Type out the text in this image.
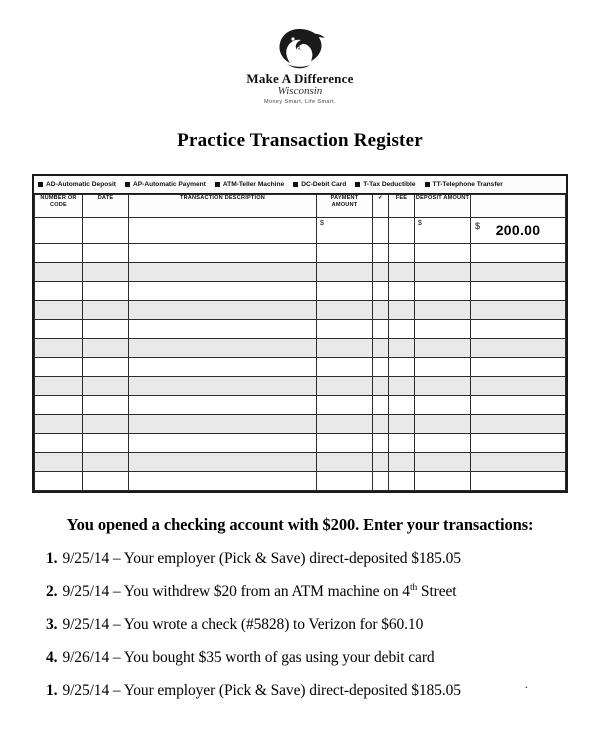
$
Make A Difference
Wisconsin
Money Smart, Life Smart.
Practice Transaction Register
AD-Automatic Deposit	AP-Automatic Payment	ATM-Teller Machine	DC-Debit Card	T-Tax Deductible	TT-Telephone Transfer
NUMBER OR CODE	DATE	TRANSACTION DESCRIPTION	PAYMENT AMOUNT	✓	FEE	DEPOSIT AMOUNT	

			$			$	$ 200.00

You opened a checking account with $200. Enter your transactions:
1. 9/25/14 – Your employer (Pick & Save) direct-deposited $185.05
2. 9/25/14 – You withdrew $20 from an ATM machine on 4th Street
3. 9/25/14 – You wrote a check (#5828) to Verizon for $60.10
4. 9/26/14 – You bought $35 worth of gas using your debit card
1. 9/25/14 – Your employer (Pick & Save) direct-deposited $185.05	.
